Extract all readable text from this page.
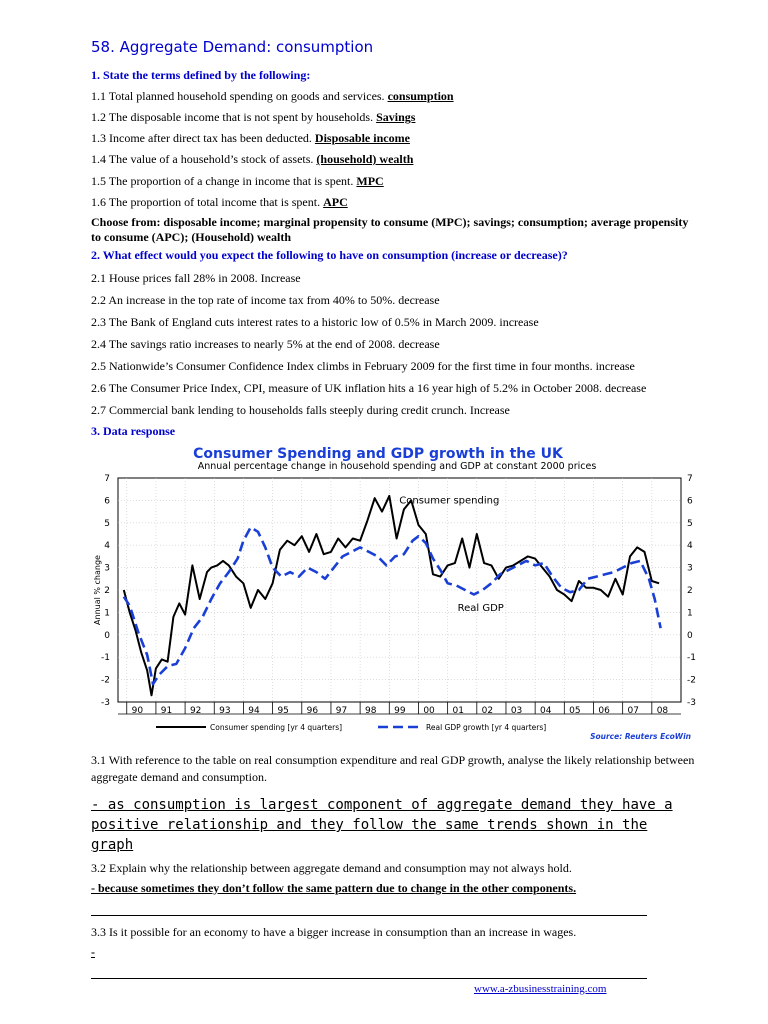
58. Aggregate Demand: consumption
1. State the terms defined by the following:
1.1 Total planned household spending on goods and services. consumption
1.2 The disposable income that is not spent by households. Savings
1.3 Income after direct tax has been deducted. Disposable income
1.4 The value of a household’s stock of assets. (household) wealth
1.5 The proportion of a change in income that is spent. MPC
1.6 The proportion of total income that is spent. APC
Choose from: disposable income; marginal propensity to consume (MPC); savings; consumption; average propensity to consume (APC); (Household) wealth
2. What effect would you expect the following to have on consumption (increase or decrease)?
2.1 House prices fall 28% in 2008. Increase
2.2 An increase in the top rate of income tax from 40% to 50%. decrease
2.3 The Bank of England cuts interest rates to a historic low of 0.5% in March 2009. increase
2.4 The savings ratio increases to nearly 5% at the end of 2008. decrease
2.5 Nationwide’s Consumer Confidence Index climbs in February 2009 for the first time in four months. increase
2.6 The Consumer Price Index, CPI, measure of UK inflation hits a 16 year high of 5.2% in October 2008. decrease
2.7 Commercial bank lending to households falls steeply during credit crunch. Increase
3. Data response
Consumer Spending and GDP growth in the UK
Annual percentage change in household spending and GDP at constant 2000 prices
7	7
6	6
5	5
4	4
3	3
2	2
1	1
0	0
-1	-1
-2	-2
-3	-3
90 91 92 93 94 95 96 97 98 99 00 01 02 03 04 05 06 07 08
Annual % change
Consumer spending
Real GDP
Consumer spending [yr 4 quarters]	Real GDP growth [yr 4 quarters]
Source: Reuters EcoWin
3.1 With reference to the table on real consumption expenditure and real GDP growth, analyse the likely relationship between aggregate demand and consumption.
- as consumption is largest component of aggregate demand they have a positive relationship and they follow the same trends shown in the graph
3.2 Explain why the relationship between aggregate demand and consumption may not always hold.
- because sometimes they don’t follow the same pattern due to change in the other components.
3.3 Is it possible for an economy to have a bigger increase in consumption than an increase in wages.
-
www.a-zbusinesstraining.com
